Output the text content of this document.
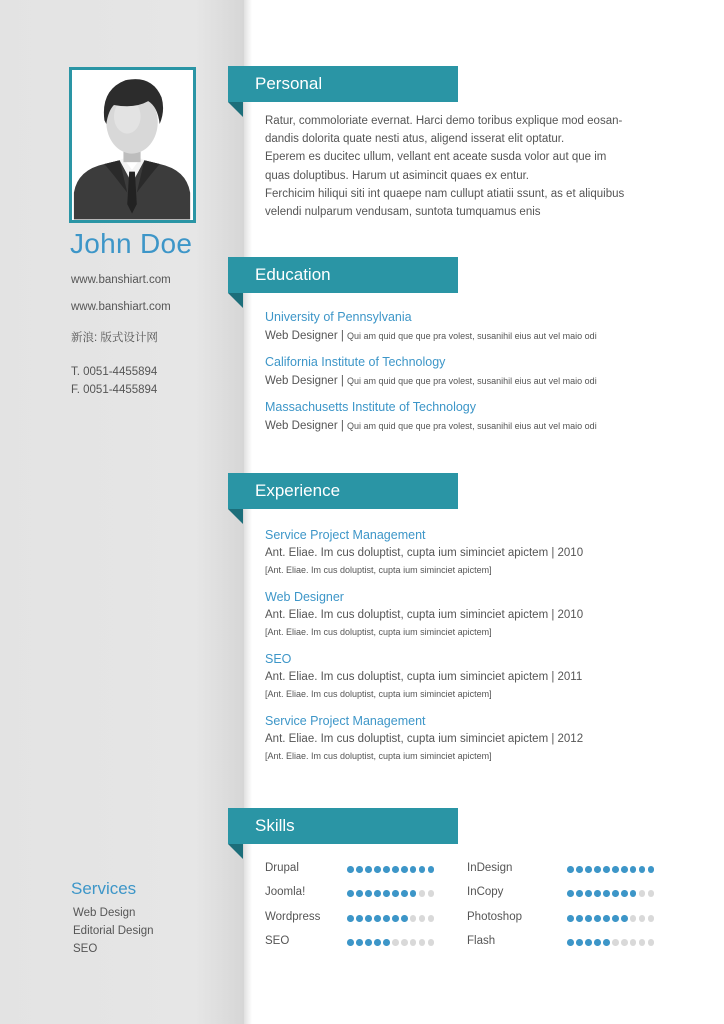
John Doe
www.banshiart.com
www.banshiart.com
新浪: 版式设计网
T. 0051-4455894
F. 0051-4455894
Services
Web Design
Editorial Design
SEO
Personal
Ratur, commoloriate evernat. Harci demo toribus explique mod eosan-
dandis dolorita quate nesti atus, aligend isserat elit optatur.
Eperem es ducitec ullum, vellant ent aceate susda volor aut que im
quas doluptibus. Harum ut asimincit quaes ex entur.
Ferchicim hiliqui siti int quaepe nam cullupt atiatii ssunt, as et aliquibus
velendi nulparum vendusam, suntota tumquamus enis
Education
University of Pennsylvania
Web Designer | Qui am quid que que pra volest, susanihil eius aut vel maio odi
California Institute of Technology
Web Designer | Qui am quid que que pra volest, susanihil eius aut vel maio odi
Massachusetts Institute of Technology
Web Designer | Qui am quid que que pra volest, susanihil eius aut vel maio odi
Experience
Service Project Management
Ant. Eliae. Im cus doluptist, cupta ium siminciet apictem | 2010
[Ant. Eliae. Im cus doluptist, cupta ium siminciet apictem]
Web Designer
Ant. Eliae. Im cus doluptist, cupta ium siminciet apictem | 2010
[Ant. Eliae. Im cus doluptist, cupta ium siminciet apictem]
SEO
Ant. Eliae. Im cus doluptist, cupta ium siminciet apictem | 2011
[Ant. Eliae. Im cus doluptist, cupta ium siminciet apictem]
Service Project Management
Ant. Eliae. Im cus doluptist, cupta ium siminciet apictem | 2012
[Ant. Eliae. Im cus doluptist, cupta ium siminciet apictem]
Skills
Drupal
Joomla!
Wordpress
SEO
InDesign
InCopy
Photoshop
Flash
